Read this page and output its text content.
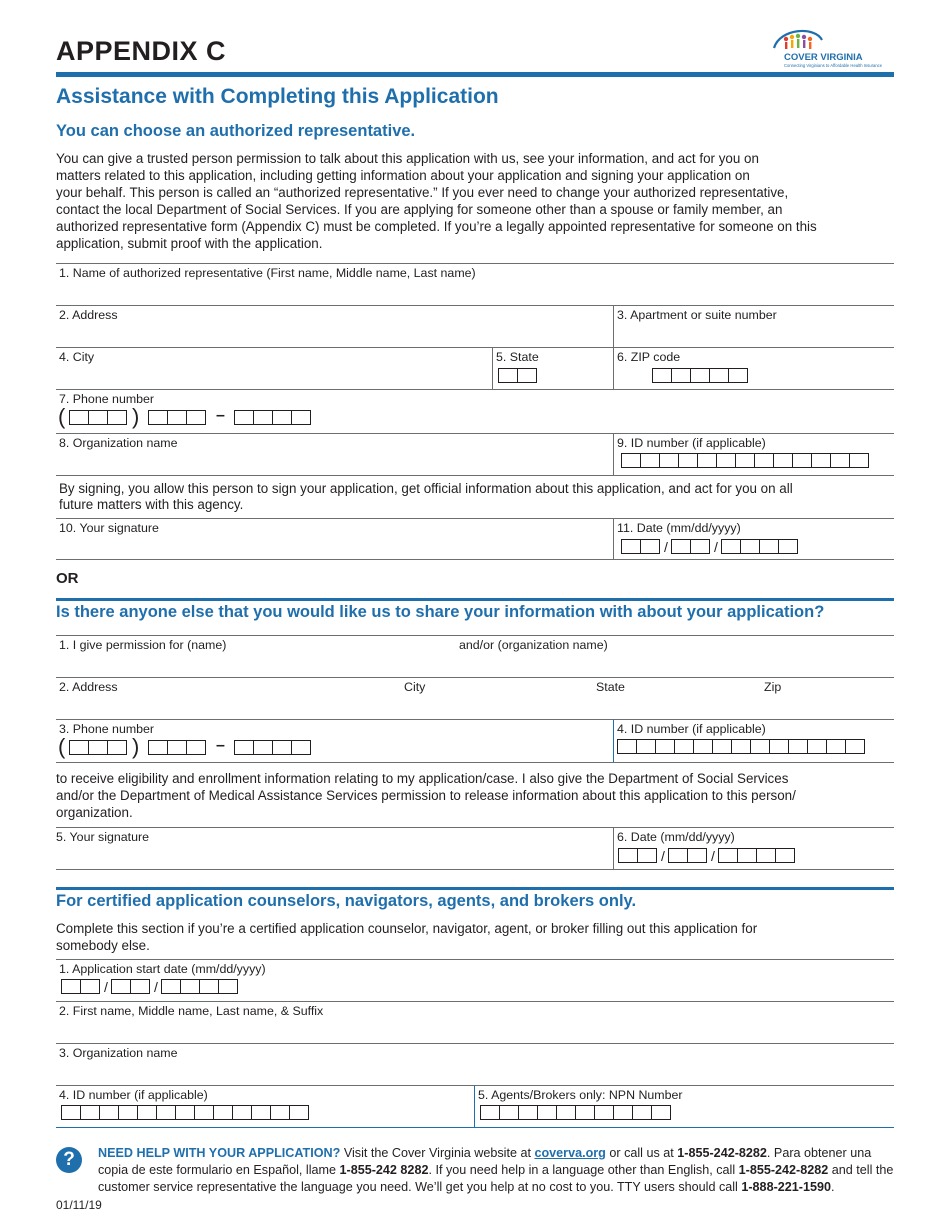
APPENDIX C	COVER VIRGINIA
Connecting Virginians to Affordable Health Insurance
Assistance with Completing this Application
You can choose an authorized representative.
You can give a trusted person permission to talk about this application with us, see your information, and act for you on
matters related to this application, including getting information about your application and signing your application on
your behalf. This person is called an “authorized representative.” If you ever need to change your authorized representative,
contact the local Department of Social Services. If you are applying for someone other than a spouse or family member, an
authorized representative form (Appendix C) must be completed. If you’re a legally appointed representative for someone on this
application, submit proof with the application.
1. Name of authorized representative (First name, Middle name, Last name)
2. Address	3. Apartment or suite number
4. City	5. State	6. ZIP code
7. Phone number
(	)	–
8. Organization name	9. ID number (if applicable)
By signing, you allow this person to sign your application, get official information about this application, and act for you on all
future matters with this agency.
10. Your signature	11. Date (mm/dd/yyyy)
/	/
OR
Is there anyone else that you would like us to share your information with about your application?
1. I give permission for (name)	and/or (organization name)
2. Address	City	State	Zip
3. Phone number
(	)	–
4. ID number (if applicable)
to receive eligibility and enrollment information relating to my application/case. I also give the Department of Social Services
and/or the Department of Medical Assistance Services permission to release information about this application to this person/
organization.
5. Your signature	6. Date (mm/dd/yyyy)
/	/
For certified application counselors, navigators, agents, and brokers only.
Complete this section if you’re a certified application counselor, navigator, agent, or broker filling out this application for
somebody else.
1. Application start date (mm/dd/yyyy)
/	/
2. First name, Middle name, Last name, & Suffix
3. Organization name
4. ID number (if applicable)	5. Agents/Brokers only: NPN Number
?	NEED HELP WITH YOUR APPLICATION? Visit the Cover Virginia website at coverva.org or call us at 1-855-242-8282. Para obtener una copia de este formulario en Español, llame 1-855-242 8282. If you need help in a language other than English, call 1-855-242-8282 and tell the customer service representative the language you need. We’ll get you help at no cost to you. TTY users should call 1-888-221-1590.
01/11/19
